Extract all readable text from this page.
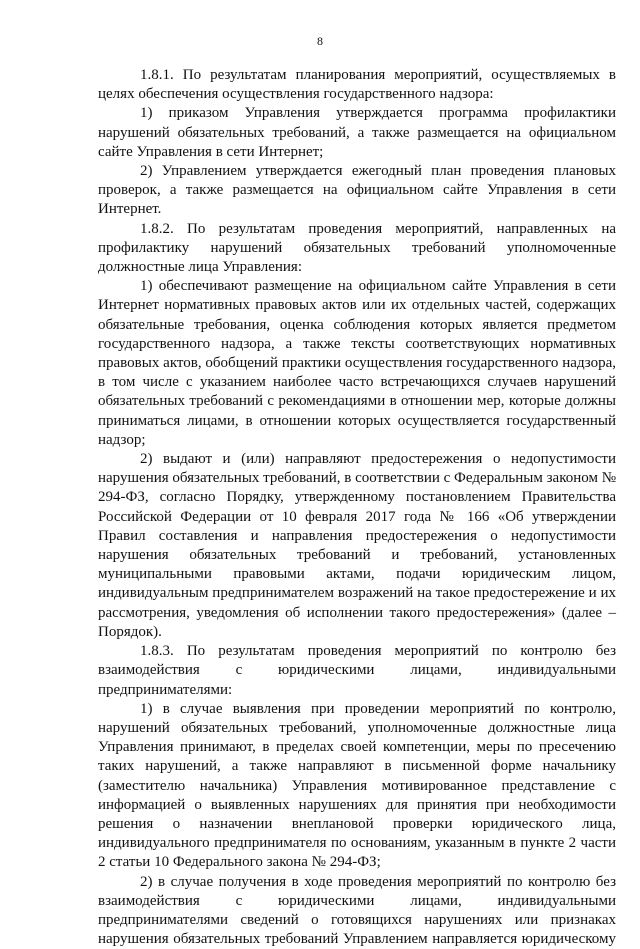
8

1.8.1. По результатам планирования мероприятий, осуществляемых в целях обеспечения осуществления государственного надзора:

1) приказом Управления утверждается программа профилактики нарушений обязательных требований, а также размещается на официальном сайте Управления в сети Интернет;

2) Управлением утверждается ежегодный план проведения плановых проверок, а также размещается на официальном сайте Управления в сети Интернет.

1.8.2. По результатам проведения мероприятий, направленных на профилактику нарушений обязательных требований уполномоченные должностные лица Управления:

1) обеспечивают размещение на официальном сайте Управления в сети Интернет нормативных правовых актов или их отдельных частей, содержащих обязательные требования, оценка соблюдения которых является предметом государственного надзора, а также тексты соответствующих нормативных правовых актов, обобщений практики осуществления государственного надзора, в том числе с указанием наиболее часто встречающихся случаев нарушений обязательных требований с рекомендациями в отношении мер, которые должны приниматься лицами, в отношении которых осуществляется государственный надзор;

2) выдают и (или) направляют предостережения о недопустимости нарушения обязательных требований, в соответствии с Федеральным законом № 294-ФЗ, согласно Порядку, утвержденному постановлением Правительства Российской Федерации от 10 февраля 2017 года № 166 «Об утверждении Правил составления и направления предостережения о недопустимости нарушения обязательных требований и требований, установленных муниципальными правовыми актами, подачи юридическим лицом, индивидуальным предпринимателем возражений на такое предостережение и их рассмотрения, уведомления об исполнении такого предостережения» (далее – Порядок).

1.8.3. По результатам проведения мероприятий по контролю без взаимодействия с юридическими лицами, индивидуальными предпринимателями:

1) в случае выявления при проведении мероприятий по контролю, нарушений обязательных требований, уполномоченные должностные лица Управления принимают, в пределах своей компетенции, меры по пресечению таких нарушений, а также направляют в письменной форме начальнику (заместителю начальника) Управления мотивированное представление с информацией о выявленных нарушениях для принятия при необходимости решения о назначении внеплановой проверки юридического лица, индивидуального предпринимателя по основаниям, указанным в пункте 2 части 2 статьи 10 Федерального закона № 294-ФЗ;

2) в случае получения в ходе проведения мероприятий по контролю без взаимодействия с юридическими лицами, индивидуальными предпринимателями сведений о готовящихся нарушениях или признаках нарушения обязательных требований Управлением направляется юридическому
